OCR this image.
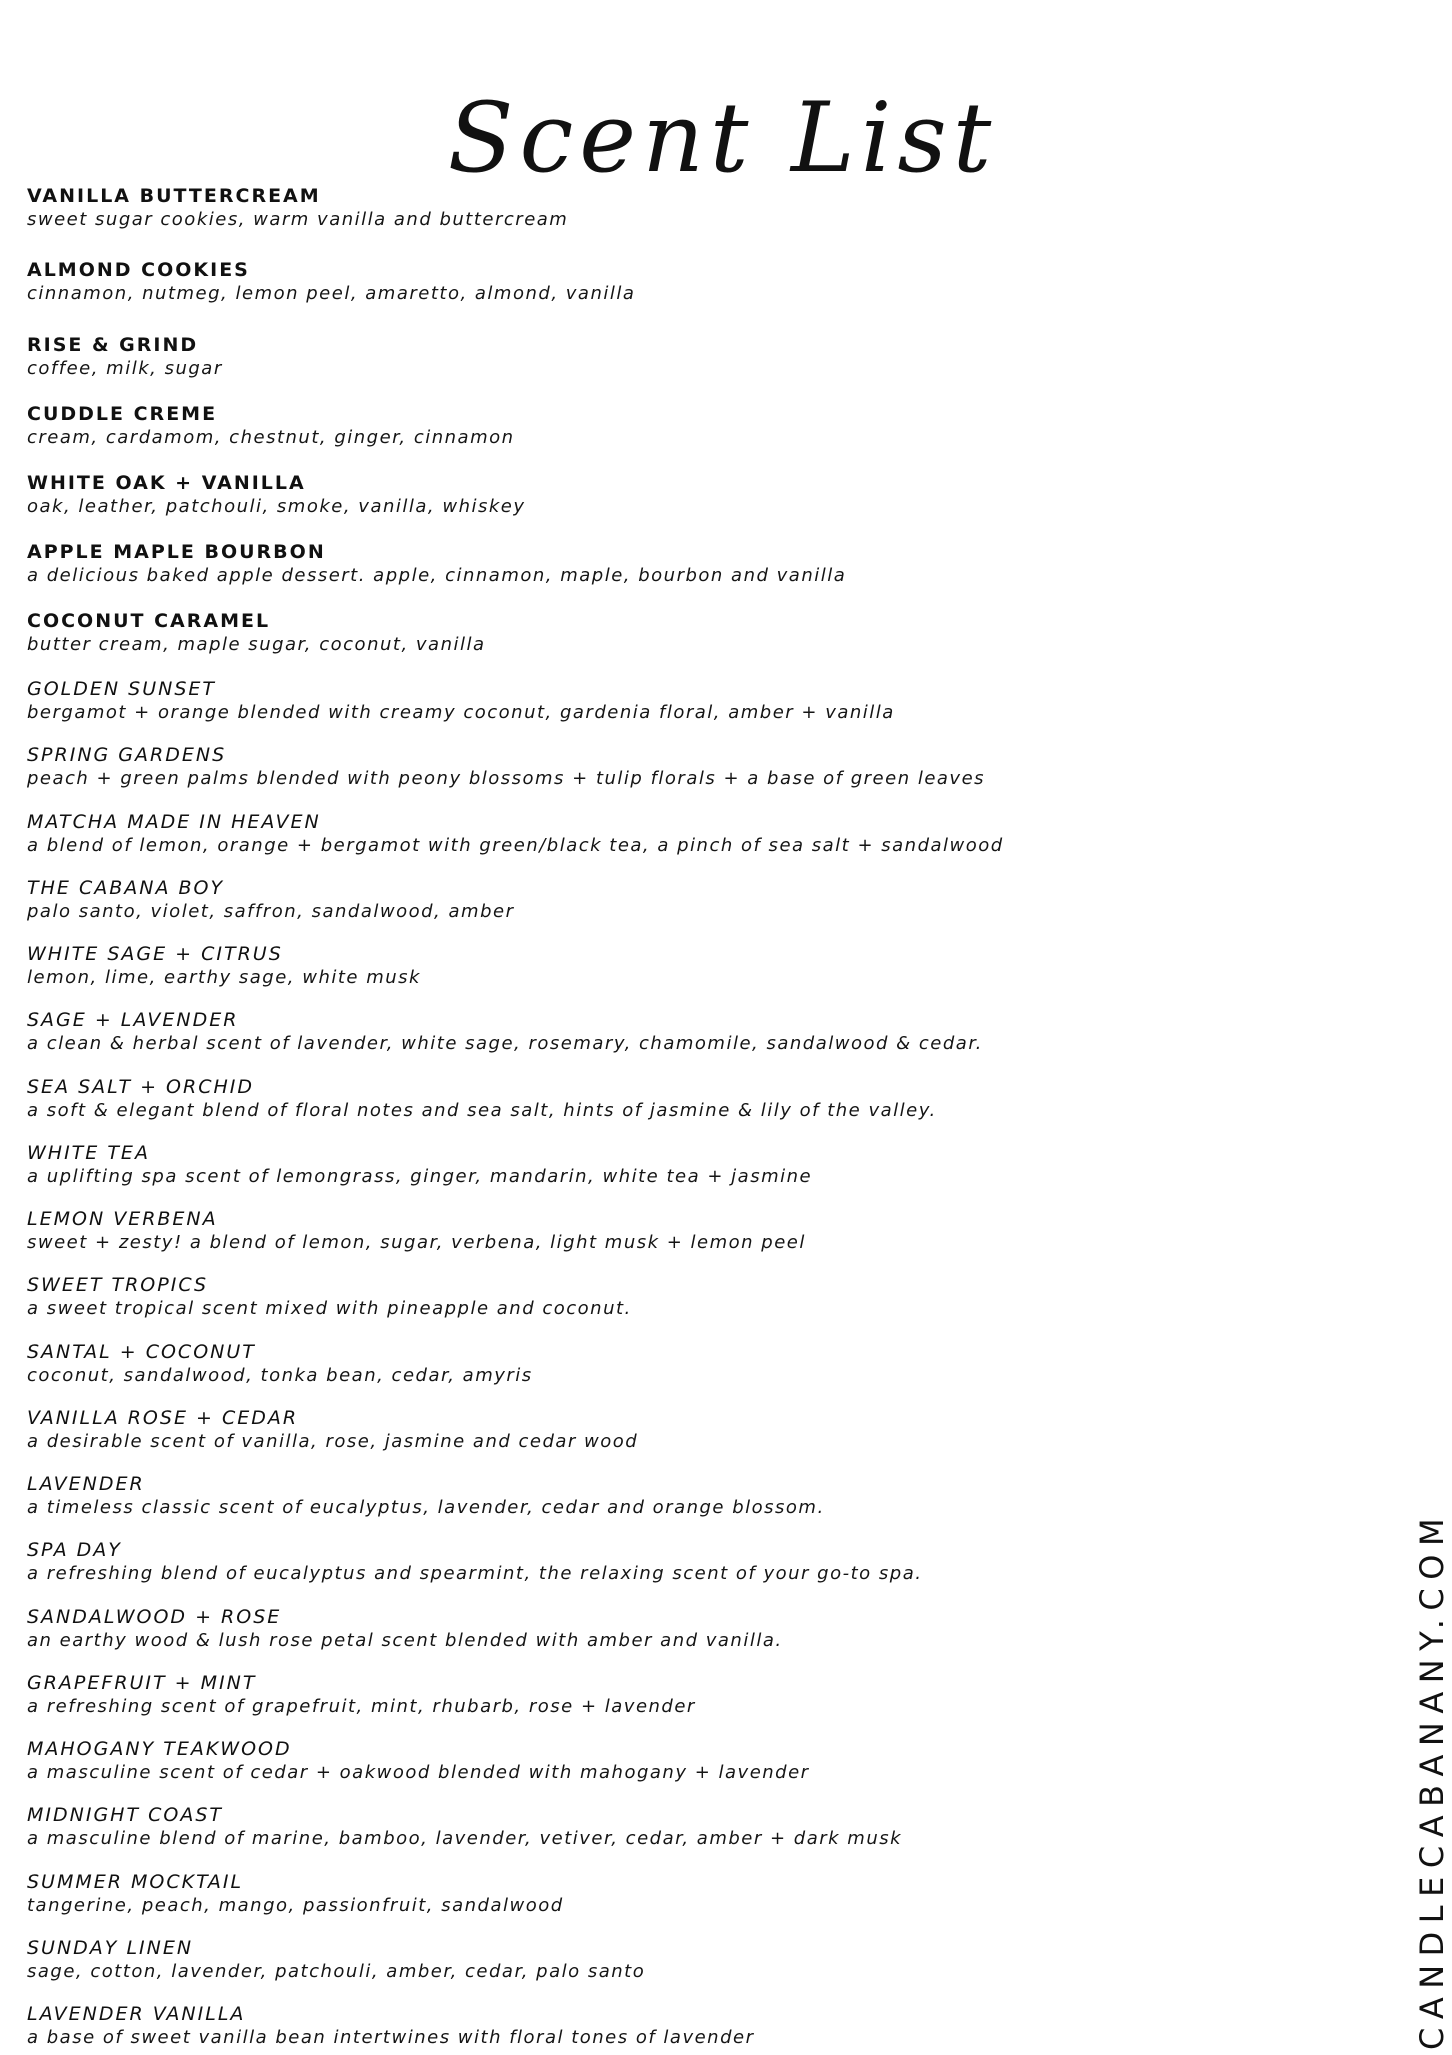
Scent List
VANILLA BUTTERCREAM
sweet sugar cookies, warm vanilla and buttercream
ALMOND COOKIES
cinnamon, nutmeg, lemon peel, amaretto, almond, vanilla
RISE & GRIND
coffee, milk, sugar
CUDDLE CREME
cream, cardamom, chestnut, ginger, cinnamon
WHITE OAK + VANILLA
oak, leather, patchouli, smoke, vanilla, whiskey
APPLE MAPLE BOURBON
a delicious baked apple dessert. apple, cinnamon, maple, bourbon and vanilla
COCONUT CARAMEL
butter cream, maple sugar, coconut, vanilla
GOLDEN SUNSET
bergamot + orange blended with creamy coconut, gardenia floral, amber + vanilla
SPRING GARDENS
peach + green palms blended with peony blossoms + tulip florals + a base of green leaves
MATCHA MADE IN HEAVEN
a blend of lemon, orange + bergamot with green/black tea, a pinch of sea salt + sandalwood
THE CABANA BOY
palo santo, violet, saffron, sandalwood, amber
WHITE SAGE + CITRUS
lemon, lime, earthy sage, white musk
SAGE + LAVENDER
a clean & herbal scent of lavender, white sage, rosemary, chamomile, sandalwood & cedar.
SEA SALT + ORCHID
a soft & elegant blend of floral notes and sea salt, hints of jasmine & lily of the valley.
WHITE TEA
a uplifting spa scent of lemongrass, ginger, mandarin, white tea + jasmine
LEMON VERBENA
sweet + zesty! a blend of lemon, sugar, verbena, light musk + lemon peel
SWEET TROPICS
a sweet tropical scent mixed with pineapple and coconut.
SANTAL + COCONUT
coconut, sandalwood, tonka bean, cedar, amyris
VANILLA ROSE + CEDAR
a desirable scent of vanilla, rose, jasmine and cedar wood
LAVENDER
a timeless classic scent of eucalyptus, lavender, cedar and orange blossom.
SPA DAY
a refreshing blend of eucalyptus and spearmint, the relaxing scent of your go-to spa.
SANDALWOOD + ROSE
an earthy wood & lush rose petal scent blended with amber and vanilla.
GRAPEFRUIT + MINT
a refreshing scent of grapefruit, mint, rhubarb, rose + lavender
MAHOGANY TEAKWOOD
a masculine scent of cedar + oakwood blended with mahogany + lavender
MIDNIGHT COAST
a masculine blend of marine, bamboo, lavender, vetiver, cedar, amber + dark musk
SUMMER MOCKTAIL
tangerine, peach, mango, passionfruit, sandalwood
SUNDAY LINEN
sage, cotton, lavender, patchouli, amber, cedar, palo santo
LAVENDER VANILLA
a base of sweet vanilla bean intertwines with floral tones of lavender	CANDLECABANANY.COM
